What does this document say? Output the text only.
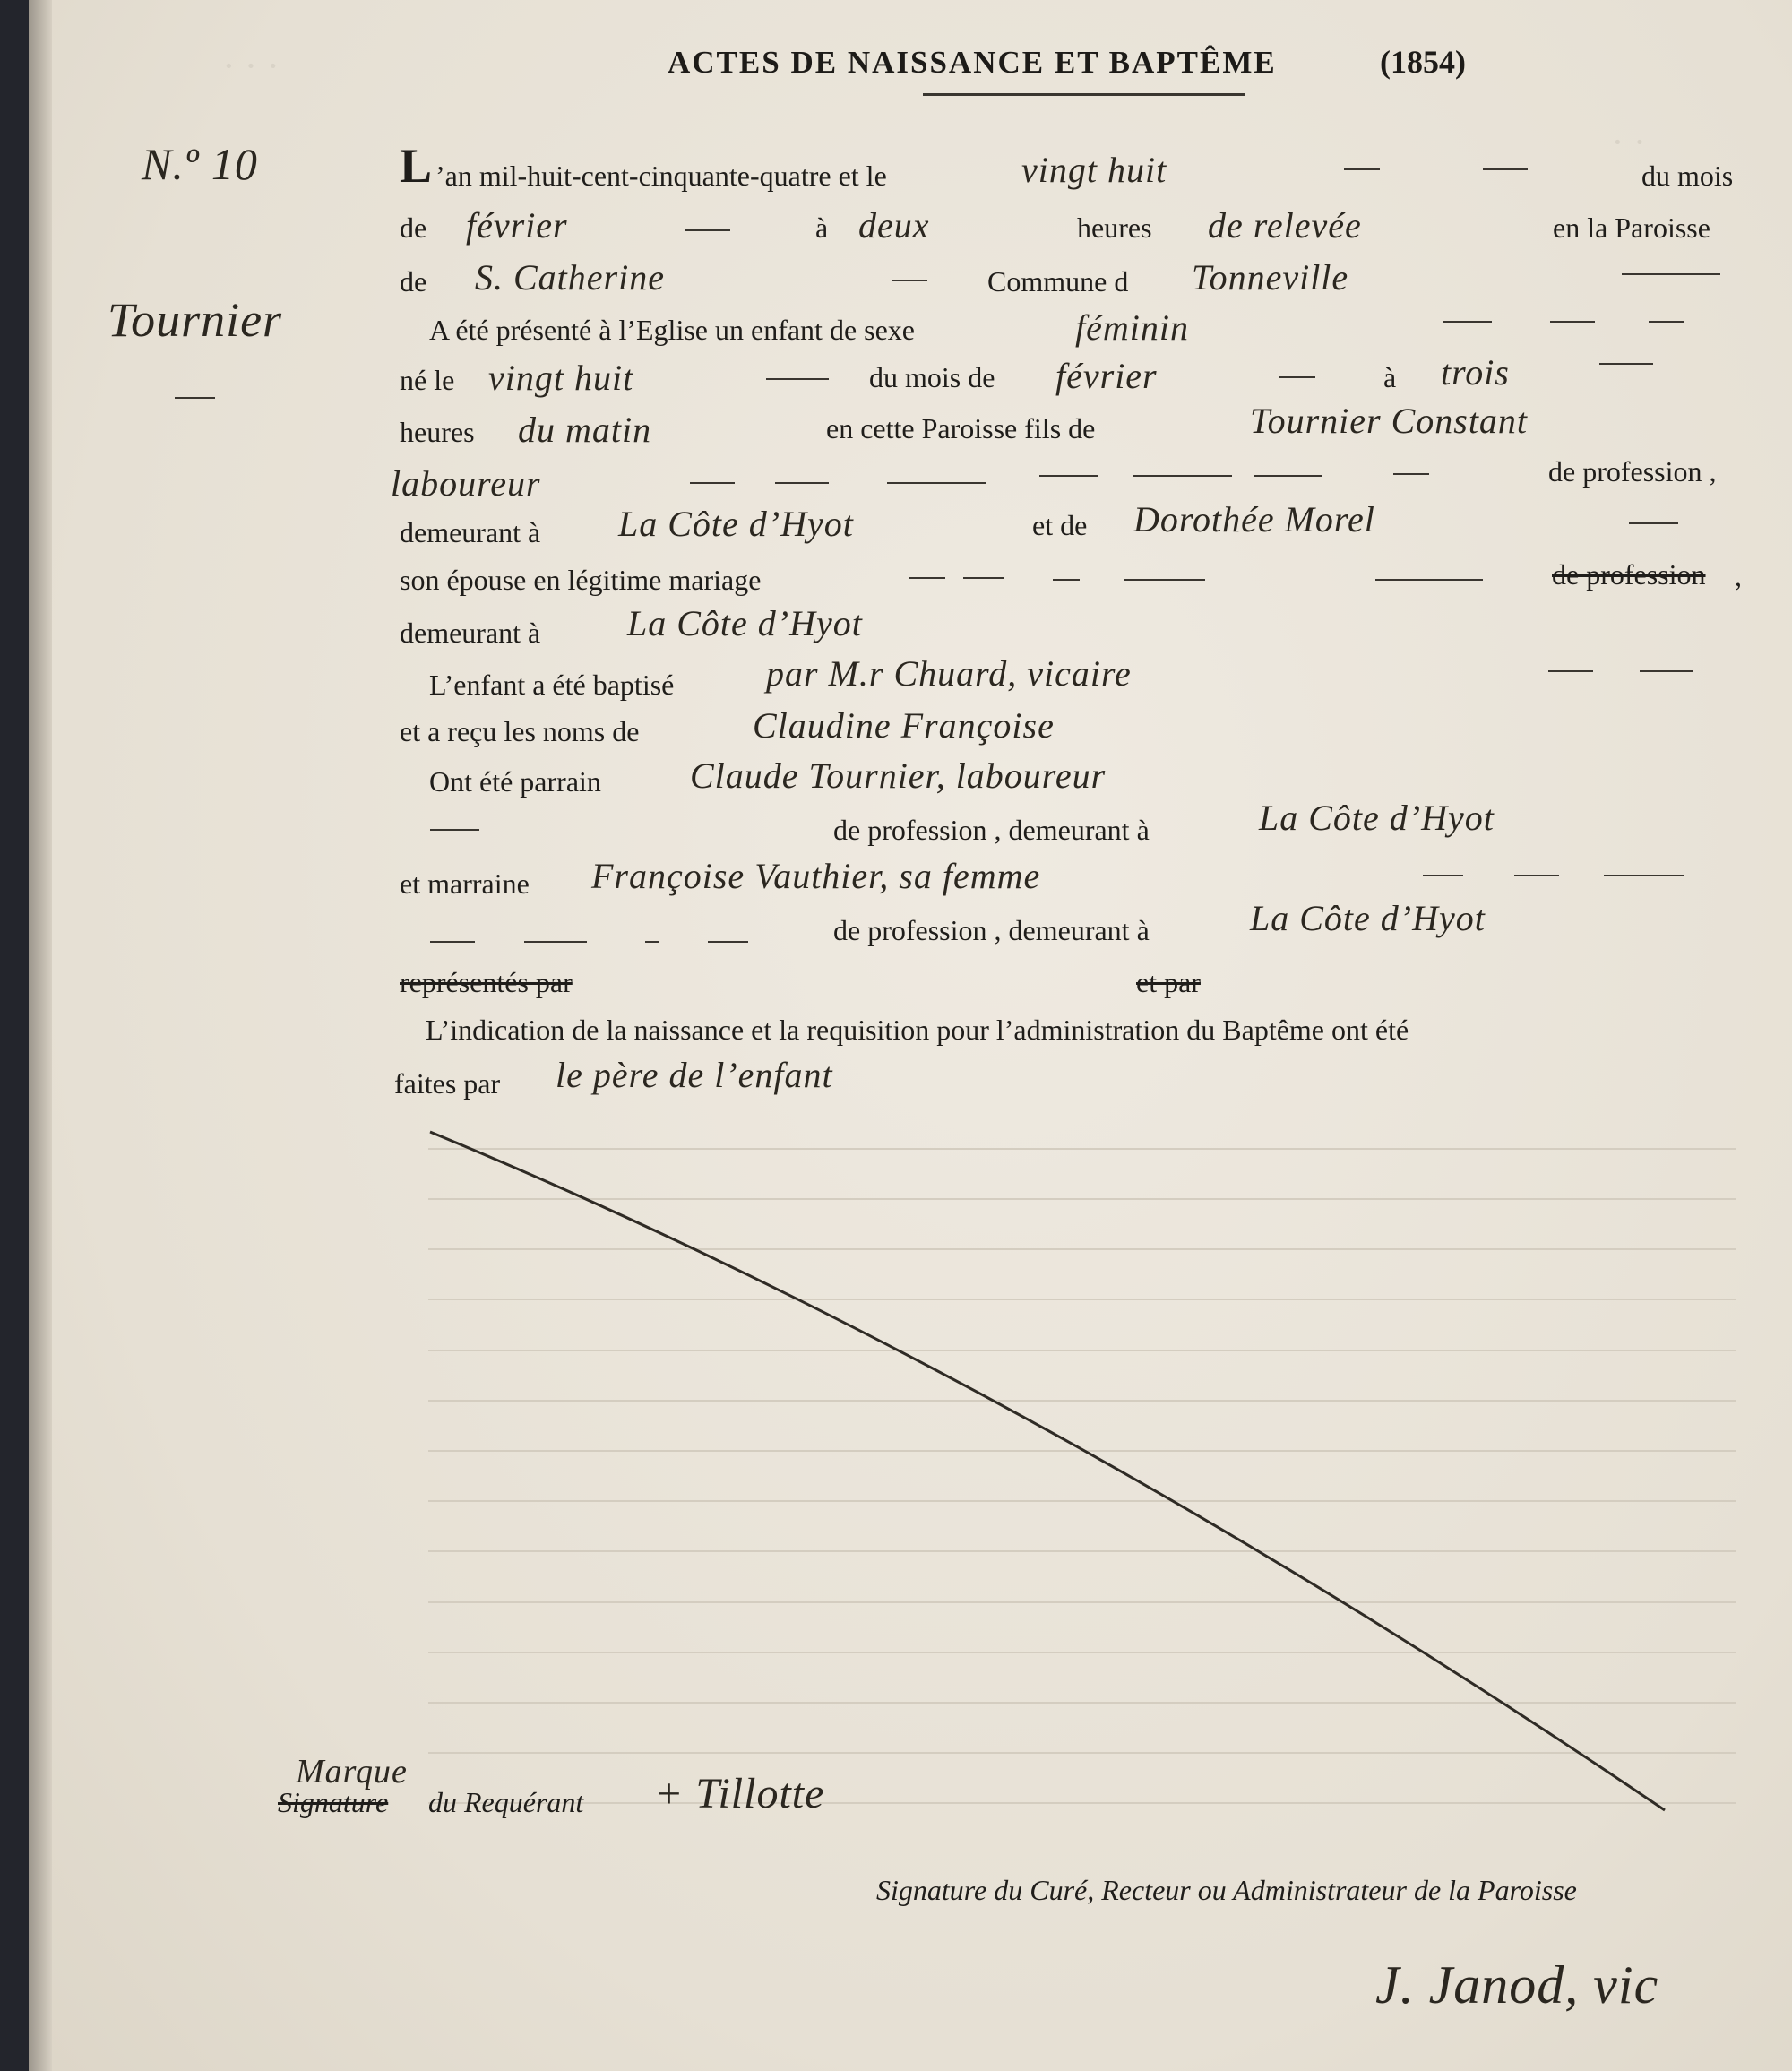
· · ·
· ·
ACTES DE NAISSANCE ET BAPTÊME	(1854)
N.º 10
Tournier
L ’an mil-huit-cent-cinquante-quatre et le	vingt huit	du mois
de février	à deux	heures de relevée	en la Paroisse
de S. Catherine	Commune d Tonneville
A été présenté à l’Eglise un enfant de sexe	féminin
né le vingt huit	du mois de février	à trois
heures du matin	en cette Paroisse fils de	Tournier Constant
laboureur	de profession ,
demeurant à La Côte d’Hyot	et de Dorothée Morel
son épouse en légitime mariage	de profession ,
demeurant à La Côte d’Hyot
L’enfant a été baptisé	par M.r Chuard, vicaire
et a reçu les noms de	Claudine Françoise
Ont été parrain Claude Tournier, laboureur
de profession , demeurant à	La Côte d’Hyot
et marraine Françoise Vauthier, sa femme
de profession , demeurant à	La Côte d’Hyot
représentés par	et par
L’indication de la naissance et la requisition pour l’administration du Baptême ont été
faites par le père de l’enfant
Marque
Signature du Requérant + Tillotte
Signature du Curé, Recteur ou Administrateur de la Paroisse
J. Janod, vic
